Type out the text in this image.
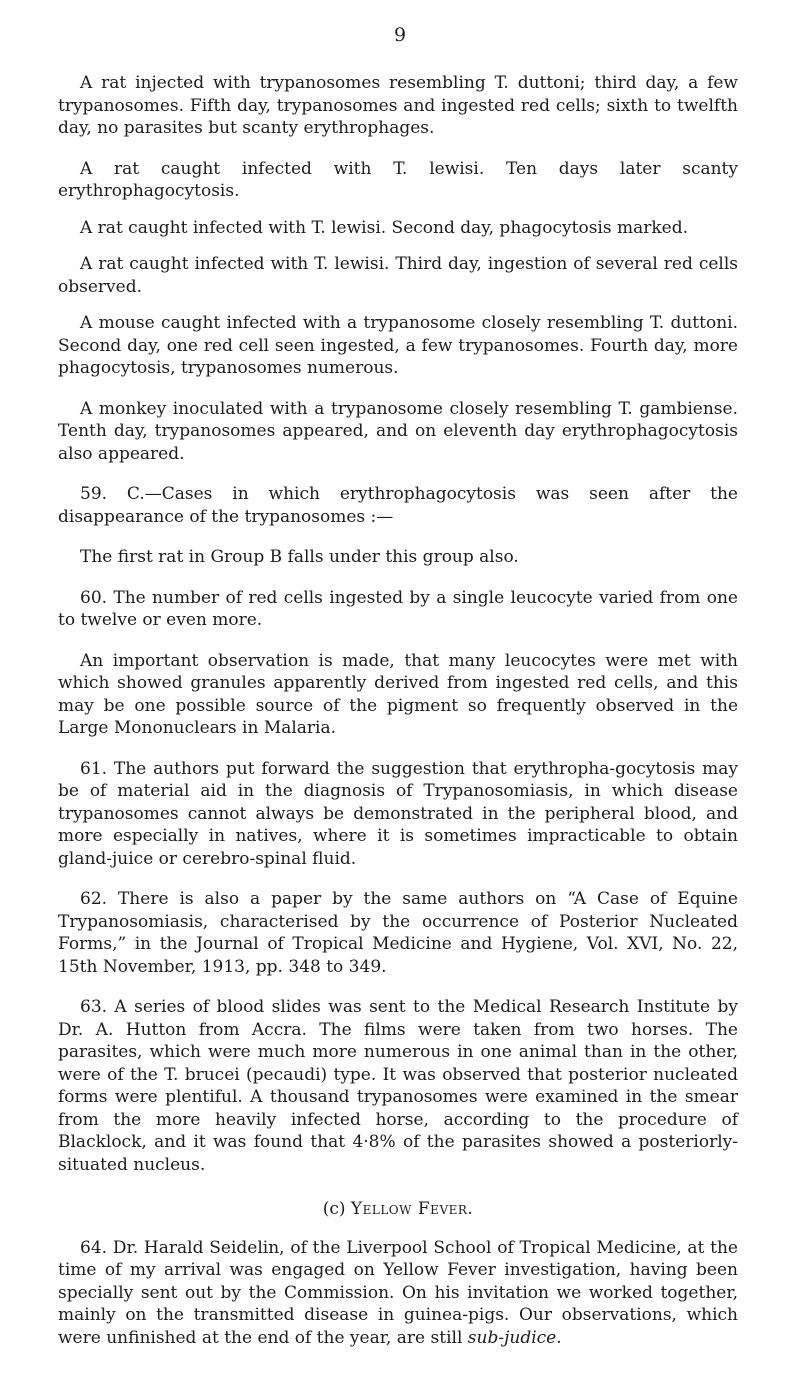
9

A rat injected with trypanosomes resembling T. duttoni; third day, a few trypanosomes. Fifth day, trypanosomes and ingested red cells; sixth to twelfth day, no parasites but scanty erythrophages.

A rat caught infected with T. lewisi. Ten days later scanty erythrophagocytosis.

A rat caught infected with T. lewisi. Second day, phagocytosis marked.

A rat caught infected with T. lewisi. Third day, ingestion of several red cells observed.

A mouse caught infected with a trypanosome closely resembling T. duttoni. Second day, one red cell seen ingested, a few trypanosomes. Fourth day, more phagocytosis, trypanosomes numerous.

A monkey inoculated with a trypanosome closely resembling T. gambiense. Tenth day, trypanosomes appeared, and on eleventh day erythrophagocytosis also appeared.

59. C.—Cases in which erythrophagocytosis was seen after the disappearance of the trypanosomes :—

The first rat in Group B falls under this group also.

60. The number of red cells ingested by a single leucocyte varied from one to twelve or even more.

An important observation is made, that many leucocytes were met with which showed granules apparently derived from ingested red cells, and this may be one possible source of the pigment so frequently observed in the Large Mononuclears in Malaria.

61. The authors put forward the suggestion that erythropha-gocytosis may be of material aid in the diagnosis of Trypanosomiasis, in which disease trypanosomes cannot always be demonstrated in the peripheral blood, and more especially in natives, where it is sometimes impracticable to obtain gland-juice or cerebro-spinal fluid.

62. There is also a paper by the same authors on “A Case of Equine Trypanosomiasis, characterised by the occurrence of Posterior Nucleated Forms,” in the Journal of Tropical Medicine and Hygiene, Vol. XVI, No. 22, 15th November, 1913, pp. 348 to 349.

63. A series of blood slides was sent to the Medical Research Institute by Dr. A. Hutton from Accra. The films were taken from two horses. The parasites, which were much more numerous in one animal than in the other, were of the T. brucei (pecaudi) type. It was observed that posterior nucleated forms were plentiful. A thousand trypanosomes were examined in the smear from the more heavily infected horse, according to the procedure of Blacklock, and it was found that 4·8% of the parasites showed a posteriorly-situated nucleus.

(c) Yellow Fever.

64. Dr. Harald Seidelin, of the Liverpool School of Tropical Medicine, at the time of my arrival was engaged on Yellow Fever investigation, having been specially sent out by the Commission. On his invitation we worked together, mainly on the transmitted disease in guinea-pigs. Our observations, which were unfinished at the end of the year, are still sub-judice.
